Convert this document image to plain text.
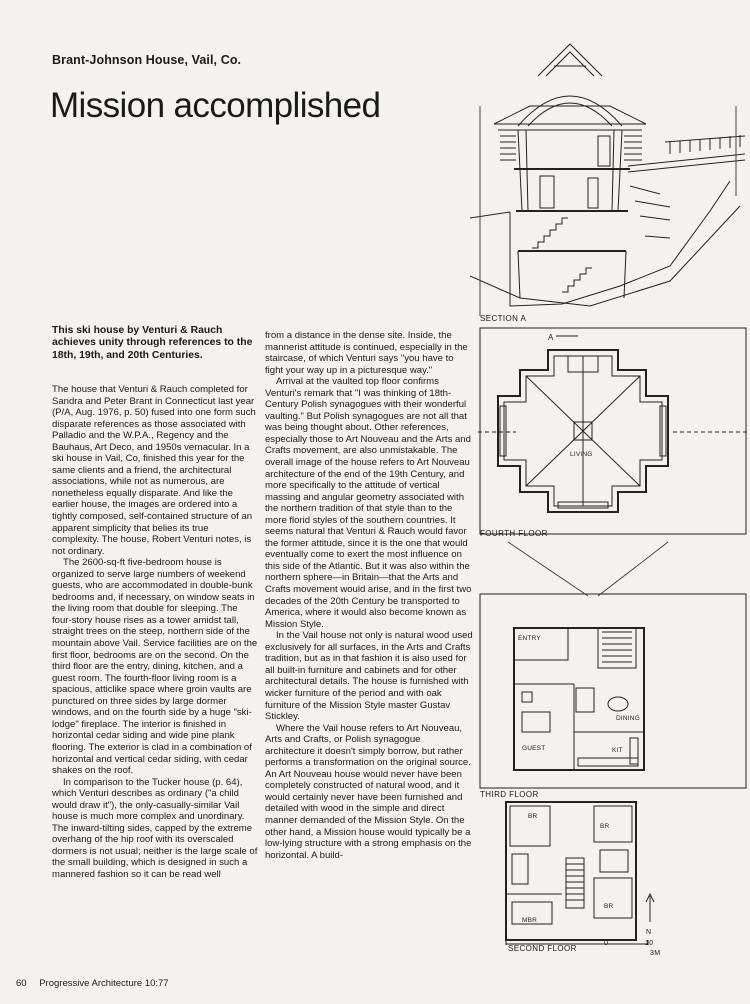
Brant-Johnson House, Vail, Co.
Mission accomplished
This ski house by Venturi & Rauch achieves unity through references to the 18th, 19th, and 20th Centuries.

The house that Venturi & Rauch completed for Sandra and Peter Brant in Connecticut last year (P/A, Aug. 1976, p. 50) fused into one form such disparate references as those associated with Palladio and the W.P.A., Regency and the Bauhaus, Art Deco, and 1950s vernacular. In a ski house in Vail, Co, finished this year for the same clients and a friend, the architectural associations, while not as numerous, are nonetheless equally disparate. And like the earlier house, the images are ordered into a tightly composed, self-contained structure of an apparent simplicity that belies its true complexity. The house, Robert Venturi notes, is not ordinary.

The 2600-sq-ft five-bedroom house is organized to serve large numbers of weekend guests, who are accommodated in double-bunk bedrooms and, if necessary, on window seats in the living room that double for sleeping. The four-story house rises as a tower amidst tall, straight trees on the steep, northern side of the mountain above Vail. Service facilities are on the first floor, bedrooms are on the second. On the third floor are the entry, dining, kitchen, and a guest room. The fourth-floor living room is a spacious, atticlike space where groin vaults are punctured on three sides by large dormer windows, and on the fourth side by a huge "ski-lodge" fireplace. The interior is finished in horizontal cedar siding and wide pine plank flooring. The exterior is clad in a combination of horizontal and vertical cedar siding, with cedar shakes on the roof.

In comparison to the Tucker house (p. 64), which Venturi describes as ordinary ("a child would draw it"), the only-casually-similar Vail house is much more complex and unordinary. The inward-tilting sides, capped by the extreme overhang of the hip roof with its overscaled dormers is not usual; neither is the large scale of the small building, which is designed in such a mannered fashion so it can be read well

from a distance in the dense site. Inside, the mannerist attitude is continued, especially in the staircase, of which Venturi says "you have to fight your way up in a picturesque way."

Arrival at the vaulted top floor confirms Venturi's remark that "I was thinking of 18th-Century Polish synagogues with their wonderful vaulting." But Polish synagogues are not all that was being thought about. Other references, especially those to Art Nouveau and the Arts and Crafts movement, are also unmistakable. The overall image of the house refers to Art Nouveau architecture of the end of the 19th Century, and more specifically to the attitude of vertical massing and angular geometry associated with the northern tradition of that style than to the more florid styles of the southern countries. It seems natural that Venturi & Rauch would favor the former attitude, since it is the one that would eventually come to exert the most influence on this side of the Atlantic. But it was also within the northern sphere—in Britain—that the Arts and Crafts movement would arise, and in the first two decades of the 20th Century be transported to America, where it would also become known as Mission Style.

In the Vail house not only is natural wood used exclusively for all surfaces, in the Arts and Crafts tradition, but as in that fashion it is also used for all built-in furniture and cabinets and for other architectural details. The house is furnished with wicker furniture of the period and with oak furniture of the Mission Style master Gustav Stickley.

Where the Vail house refers to Art Nouveau, Arts and Crafts, or Polish synagogue architecture it doesn't simply borrow, but rather performs a transformation on the original source. An Art Nouveau house would never have been completely constructed of natural wood, and it would certainly never have been furnished and detailed with wood in the simple and direct manner demanded of the Mission Style. On the other hand, a Mission house would typically be a low-lying structure with a strong emphasis on the horizontal. A build-

SECTION A
A
LIVING
FOURTH FLOOR
ENTRY
DINING
GUEST	KIT
THIRD FLOOR
BR
BR
BR
MBR
N
SECOND FLOOR
0	10
3M
60 Progressive Architecture 10:77
